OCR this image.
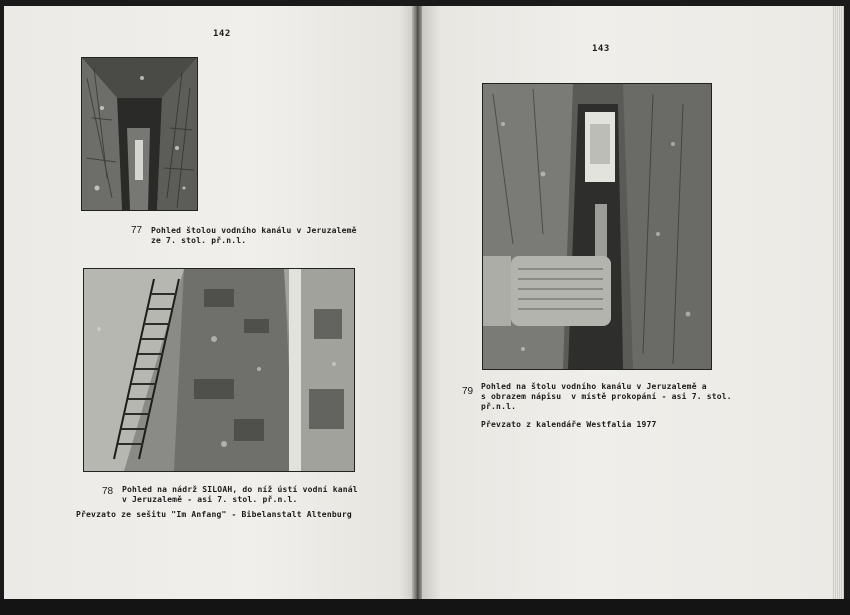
142
77 Pohled štolou vodního kanálu v Jeruzalemě
ze 7. stol. př.n.l.
78 Pohled na nádrž SILOAH, do níž ústí vodní kanál
v Jeruzalemě - asi 7. stol. př.n.l.
Převzato ze sešitu "Im Anfang" - Bibelanstalt Altenburg
143
79 Pohled na štolu vodního kanálu v Jeruzalemě a
s obrazem nápisu  v místě prokopání - asi 7. stol.
př.n.l.
Převzato z kalendáře Westfalia 1977
